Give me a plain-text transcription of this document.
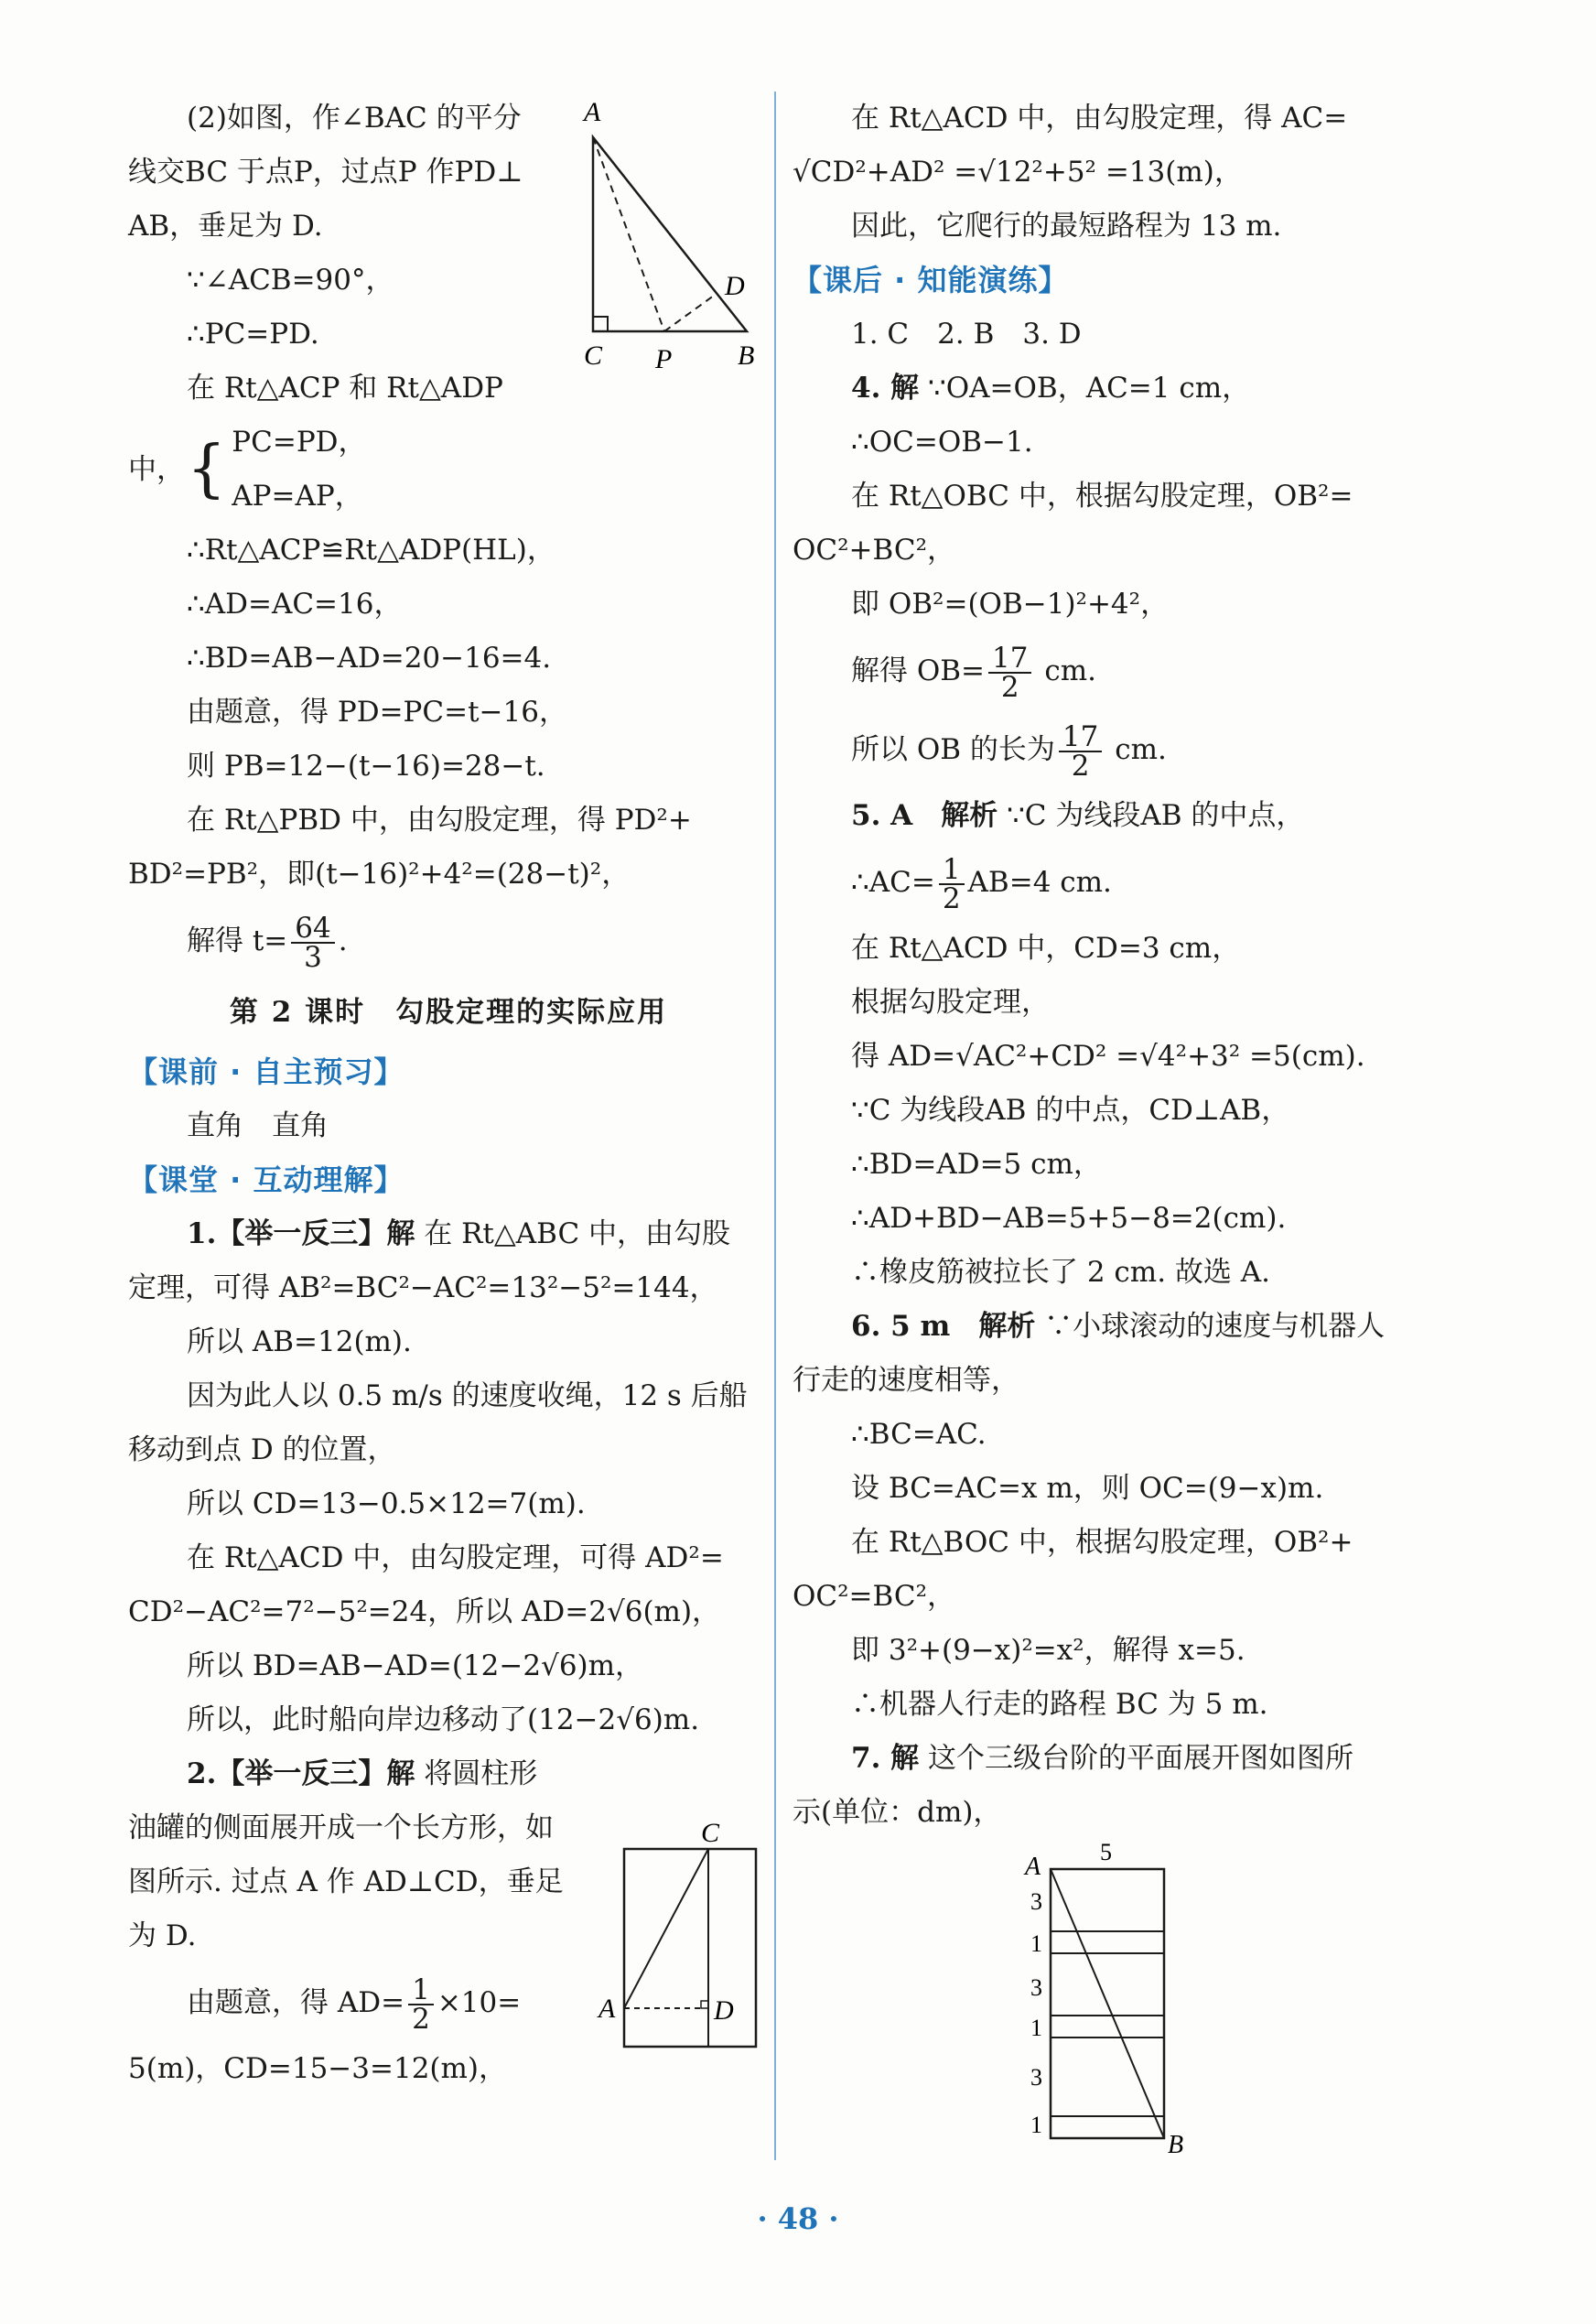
(2)如图，作∠BAC 的平分

线交BC 于点P，过点P 作PD⊥

AB，垂足为 D.

∵∠ACB=90°，

∴PC=PD.

在 Rt△ACP 和 Rt△ADP

中， { PC=PD，

AP=AP，

∴Rt△ACP≌Rt△ADP(HL)，

∴AD=AC=16，

∴BD=AB−AD=20−16=4.

由题意，得 PD=PC=t−16，

则 PB=12−(t−16)=28−t.

在 Rt△PBD 中，由勾股定理，得 PD²+

BD²=PB²，即(t−16)²+4²=(28−t)²，

解得 $t= \frac{64}{3}$ .

第 2 课时　勾股定理的实际应用

【课前 · 自主预习】

直角　直角

【课堂 · 互动理解】

1.【举一反三】解 在 Rt△ABC 中，由勾股

定理，可得 AB²=BC²−AC²=13²−5²=144，

所以 AB=12(m).

因为此人以 0.5 m/s 的速度收绳，12 s 后船

移动到点 D 的位置，

所以 CD=13−0.5×12=7(m).

在 Rt△ACD 中，由勾股定理，可得 AD²=

CD²−AC²=7²−5²=24，所以 AD=2√6(m)，

所以 BD=AB−AD=(12−2√6)m，

所以，此时船向岸边移动了(12−2√6)m.

2.【举一反三】解 将圆柱形

油罐的侧面展开成一个长方形，如

图所示. 过点 A 作 AD⊥CD，垂足

为 D.

由题意，得 $AD= \frac{1}{2} \times 10=$

5(m)，CD=15−3=12(m)，

A
D
C P B
C
A	D

在 Rt△ACD 中，由勾股定理，得 AC=

√CD²+AD² =√12²+5² =13(m)，

因此，它爬行的最短路程为 13 m.

【课后 · 知能演练】

1. C　2. B　3. D

4. 解 ∵OA=OB，AC=1 cm，

∴OC=OB−1.

在 Rt△OBC 中，根据勾股定理，OB²=

OC²+BC²，

即 OB²=(OB−1)²+4²，

解得 $OB= \frac{17}{2}$ cm.

所以 OB 的长为 $\frac{17}{2}$ cm.

5. A　解析 ∵C 为线段AB 的中点，

∴AC= $\frac{1}{2} AB=4$ cm.

在 Rt△ACD 中，CD=3 cm，

根据勾股定理，

得 AD=√AC²+CD² =√4²+3² =5(cm).

∵C 为线段AB 的中点，CD⊥AB，

∴BD=AD=5 cm，

∴AD+BD−AB=5+5−8=2(cm).

∴橡皮筋被拉长了 2 cm. 故选 A.

6. 5 m　解析 ∵小球滚动的速度与机器人

行走的速度相等，

∴BC=AC.

设 BC=AC=x m，则 OC=(9−x)m.

在 Rt△BOC 中，根据勾股定理，OB²+

OC²=BC²，

即 3²+(9−x)²=x²，解得 x=5.

∴机器人行走的路程 BC 为 5 m.

7. 解 这个三级台阶的平面展开图如图所

示(单位：dm)，

A
5
3
1
3
1
3
1
B
· 48 ·
